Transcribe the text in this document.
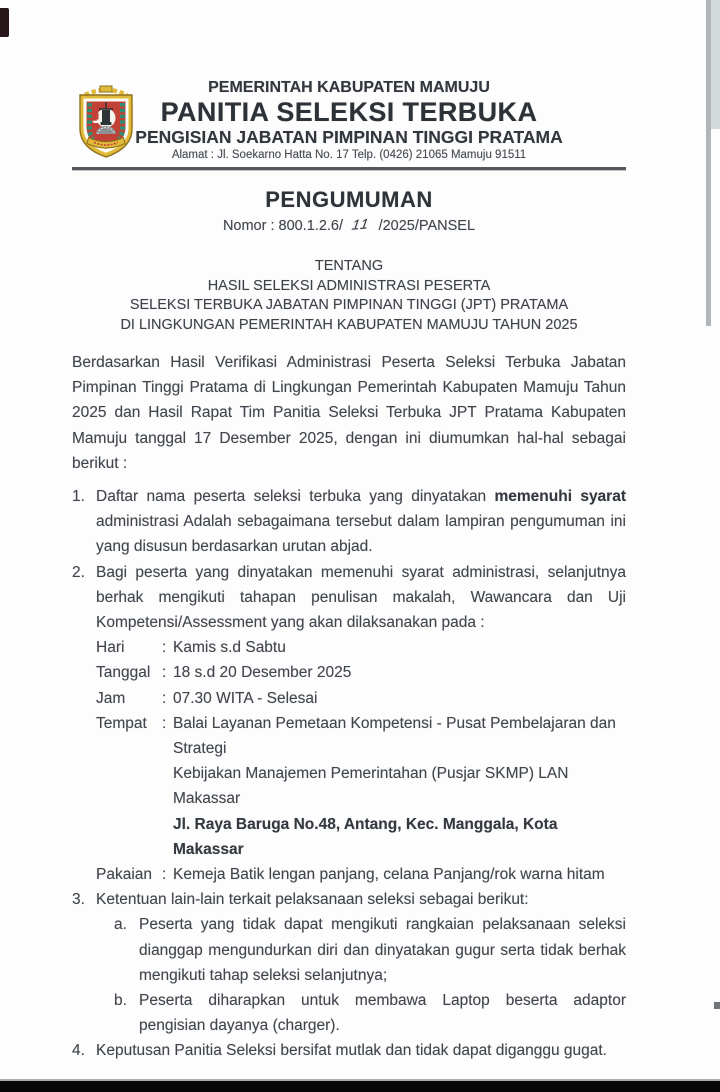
PEMERINTAH KABUPATEN MAMUJU
PANITIA SELEKSI TERBUKA
PENGISIAN JABATAN PIMPINAN TINGGI PRATAMA
Alamat : Jl. Soekarno Hatta No. 17 Telp. (0426) 21065 Mamuju 91511
PENGUMUMAN
Nomor : 800.1.2.6/ 11 /2025/PANSEL
TENTANG
HASIL SELEKSI ADMINISTRASI PESERTA
SELEKSI TERBUKA JABATAN PIMPINAN TINGGI (JPT) PRATAMA
DI LINGKUNGAN PEMERINTAH KABUPATEN MAMUJU TAHUN 2025
Berdasarkan Hasil Verifikasi Administrasi Peserta Seleksi Terbuka Jabatan Pimpinan Tinggi Pratama di Lingkungan Pemerintah Kabupaten Mamuju Tahun 2025 dan Hasil Rapat Tim Panitia Seleksi Terbuka JPT Pratama Kabupaten Mamuju tanggal 17 Desember 2025, dengan ini diumumkan hal-hal sebagai berikut :
1. Daftar nama peserta seleksi terbuka yang dinyatakan memenuhi syarat administrasi Adalah sebagaimana tersebut dalam lampiran pengumuman ini yang disusun berdasarkan urutan abjad.
2. Bagi peserta yang dinyatakan memenuhi syarat administrasi, selanjutnya berhak mengikuti tahapan penulisan makalah, Wawancara dan Uji Kompetensi/Assessment yang akan dilaksanakan pada :
Hari	: Kamis s.d Sabtu
Tanggal : 18 s.d 20 Desember 2025
Jam	: 07.30 WITA - Selesai
Tempat : Balai Layanan Pemetaan Kompetensi - Pusat Pembelajaran dan Strategi
Kebijakan Manajemen Pemerintahan (Pusjar SKMP) LAN Makassar
Jl. Raya Baruga No.48, Antang, Kec. Manggala, Kota Makassar
Pakaian : Kemeja Batik lengan panjang, celana Panjang/rok warna hitam
3. Ketentuan lain-lain terkait pelaksanaan seleksi sebagai berikut:
a. Peserta yang tidak dapat mengikuti rangkaian pelaksanaan seleksi dianggap mengundurkan diri dan dinyatakan gugur serta tidak berhak mengikuti tahap seleksi selanjutnya;
b. Peserta diharapkan untuk membawa Laptop beserta adaptor pengisian dayanya (charger).
4. Keputusan Panitia Seleksi bersifat mutlak dan tidak dapat diganggu gugat.
